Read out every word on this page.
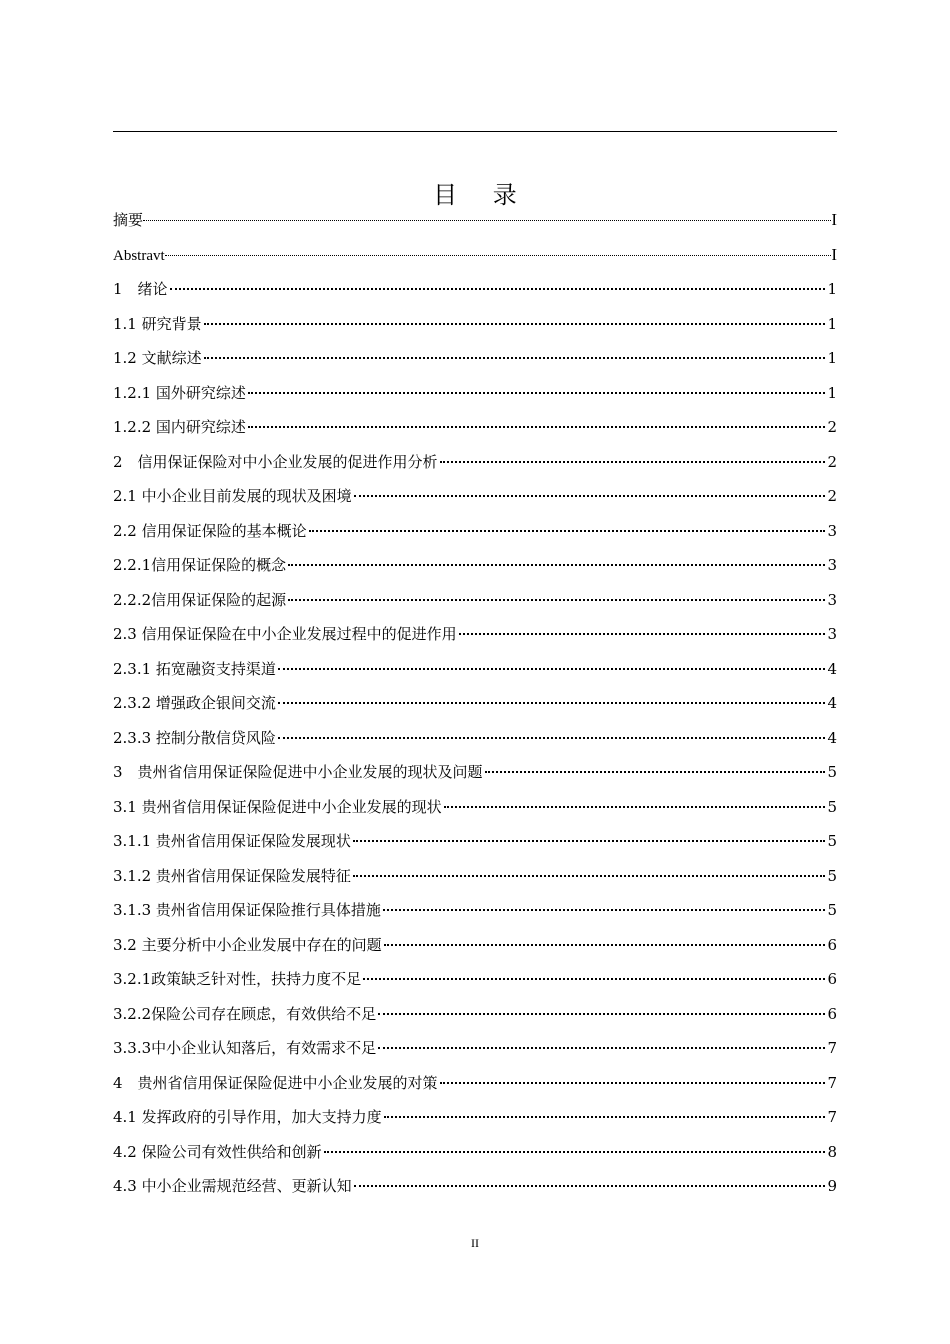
目 录
摘要	I
Abstravt	I
1　绪论	1
1.1 研究背景	1
1.2 文献综述	1
1.2.1 国外研究综述	1
1.2.2 国内研究综述	2
2　信用保证保险对中小企业发展的促进作用分析	2
2.1 中小企业目前发展的现状及困境	2
2.2 信用保证保险的基本概论	3
2.2.1信用保证保险的概念	3
2.2.2信用保证保险的起源	3
2.3 信用保证保险在中小企业发展过程中的促进作用	3
2.3.1 拓宽融资支持渠道	4
2.3.2 增强政企银间交流	4
2.3.3 控制分散信贷风险	4
3　贵州省信用保证保险促进中小企业发展的现状及问题	5
3.1 贵州省信用保证保险促进中小企业发展的现状	5
3.1.1 贵州省信用保证保险发展现状	5
3.1.2 贵州省信用保证保险发展特征	5
3.1.3 贵州省信用保证保险推行具体措施	5
3.2 主要分析中小企业发展中存在的问题	6
3.2.1政策缺乏针对性，扶持力度不足	6
3.2.2保险公司存在顾虑，有效供给不足	6
3.3.3中小企业认知落后，有效需求不足	7
4　贵州省信用保证保险促进中小企业发展的对策	7
4.1 发挥政府的引导作用，加大支持力度	7
4.2 保险公司有效性供给和创新	8
4.3 中小企业需规范经营、更新认知	9
II
